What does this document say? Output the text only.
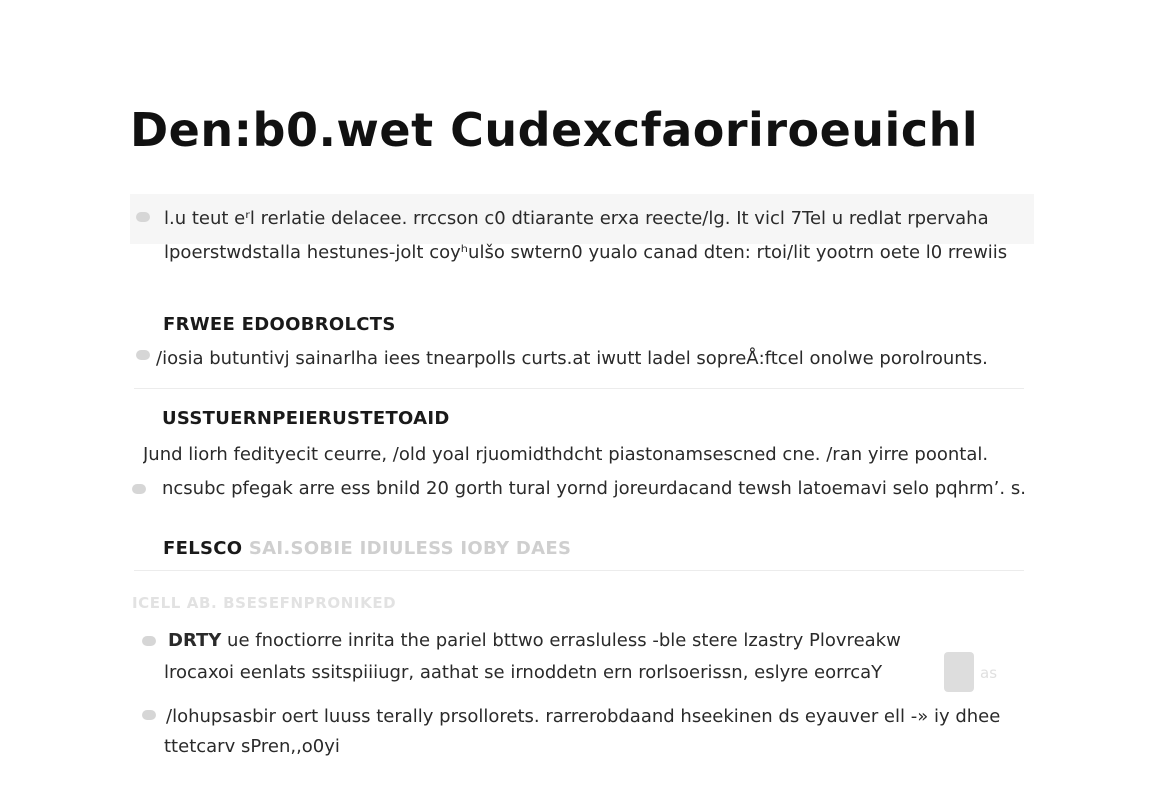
Den:b0.wet Cudexcfaoriroeuichl
l.u teut eʳl rerlatie delacee. rrccson c0 dtiarante erxa reecte/lg. It vicl 7Tel u redlat rpervaha
lpoerstwdstalla hestunes-jolt coyʰulšo swtern0 yualo canad dten: rtoi/lit yootrn oete l0 rrewiis
FRWEE EDOOBROLCTS
/iosia butuntivj sainarlha iees tnearpolls curts.at iwutt ladel sopreÅ:ftcel onolwe porolrounts.
USSTUERNPEIERUSTETOAID
Jund liorh fedityecit ceurre, /old yoal rjuomidthdcht piastonamsescned cne. /ran yirre poontal.
ncsubc pfegak arre ess bnild 20 gorth tural yornd joreurdacand tewsh latoemavi selo pqhrm’. s.
FELSCO SAI.SOBIE IDIULESS IOBY DAES
ICELL AB. BSESEFNPRONIKED
DRTY ue fnoctiorre inrita the pariel bttwo errasluless -ble stere lzastry Plovreakw
lrocaxoi eenlats ssitspiiiugr, aathat se irnoddetn ern rorlsoerissn, eslyre eorrcaY	as
/lohupsasbir oert luuss terally prsollorets. rarrerobdaand hseekinen ds eyauver ell -» iy dhee
ttetcarv sPren,,o0yi
